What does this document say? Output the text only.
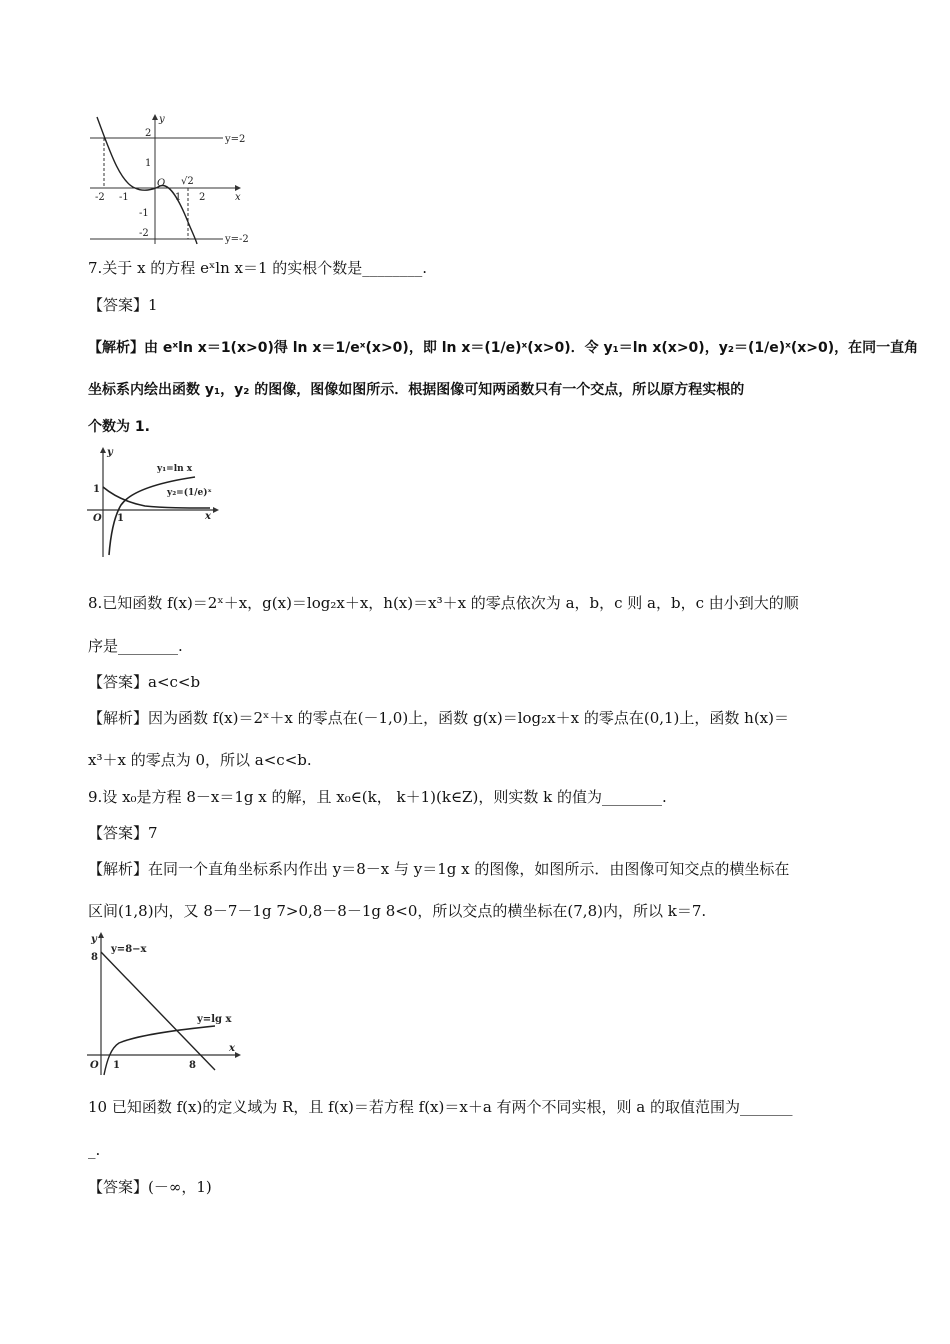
y
x
O
y=2
y=-2
-2 -1	1
√2
2
2
1
-1
-2
7.关于 x 的方程 eˣln x＝1 的实根个数是________.
【答案】1
【解析】由 eˣln x＝1(x>0)得 ln x＝1/eˣ(x>0)，即 ln x＝(1/e)ˣ(x>0)．令 y₁＝ln x(x>0)，y₂＝(1/e)ˣ(x>0)，在同一直角
坐标系内绘出函数 y₁，y₂ 的图像，图像如图所示．根据图像可知两函数只有一个交点，所以原方程实根的
个数为 1.
y
x
O 1
1
y₁=ln x
y₂=(1/e)ˣ
8.已知函数 f(x)＝2ˣ＋x，g(x)＝log₂x＋x，h(x)＝x³＋x 的零点依次为 a，b，c 则 a，b，c 由小到大的顺
序是________.
【答案】a<c<b
【解析】因为函数 f(x)＝2ˣ＋x 的零点在(－1,0)上，函数 g(x)＝log₂x＋x 的零点在(0,1)上，函数 h(x)＝
x³＋x 的零点为 0，所以 a<c<b.
9.设 x₀是方程 8－x＝1g x 的解，且 x₀∈(k， k＋1)(k∈Z)，则实数 k 的值为________.
【答案】7
【解析】在同一个直角坐标系内作出 y＝8－x 与 y＝1g x 的图像，如图所示．由图像可知交点的横坐标在
区间(1,8)内，又 8－7－1g 7>0,8－8－1g 8<0，所以交点的横坐标在(7,8)内，所以 k＝7.
y
x
O
8
1	8
y=8−x
y=lg x
10 已知函数 f(x)的定义域为 R，且 f(x)＝若方程 f(x)＝x＋a 有两个不同实根，则 a 的取值范围为_______
_.
【答案】(－∞，1)
